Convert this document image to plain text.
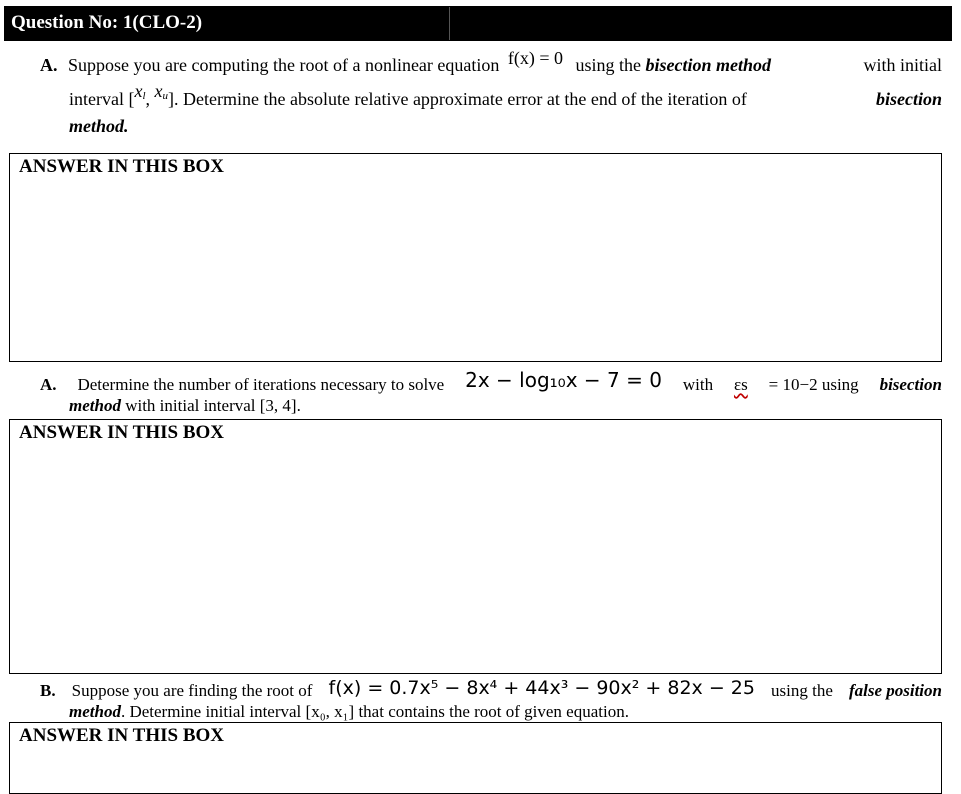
Question No: 1(CLO-2)
A. Suppose you are computing the root of a nonlinear equation f(x) = 0 using the bisection method	with initial
interval [xl, xu]. Determine the absolute relative approximate error at the end of the iteration of	bisection
method.
ANSWER IN THIS BOX
A. Determine the number of iterations necessary to solve 2x − log₁₀x − 7 = 0 with εs = 10−2 using bisection
method with initial interval [3, 4].
ANSWER IN THIS BOX
B. Suppose you are finding the root of f(x) = 0.7x⁵ − 8x⁴ + 44x³ − 90x² + 82x − 25 using the false position
method. Determine initial interval [x₀, x₁] that contains the root of given equation.
ANSWER IN THIS BOX
